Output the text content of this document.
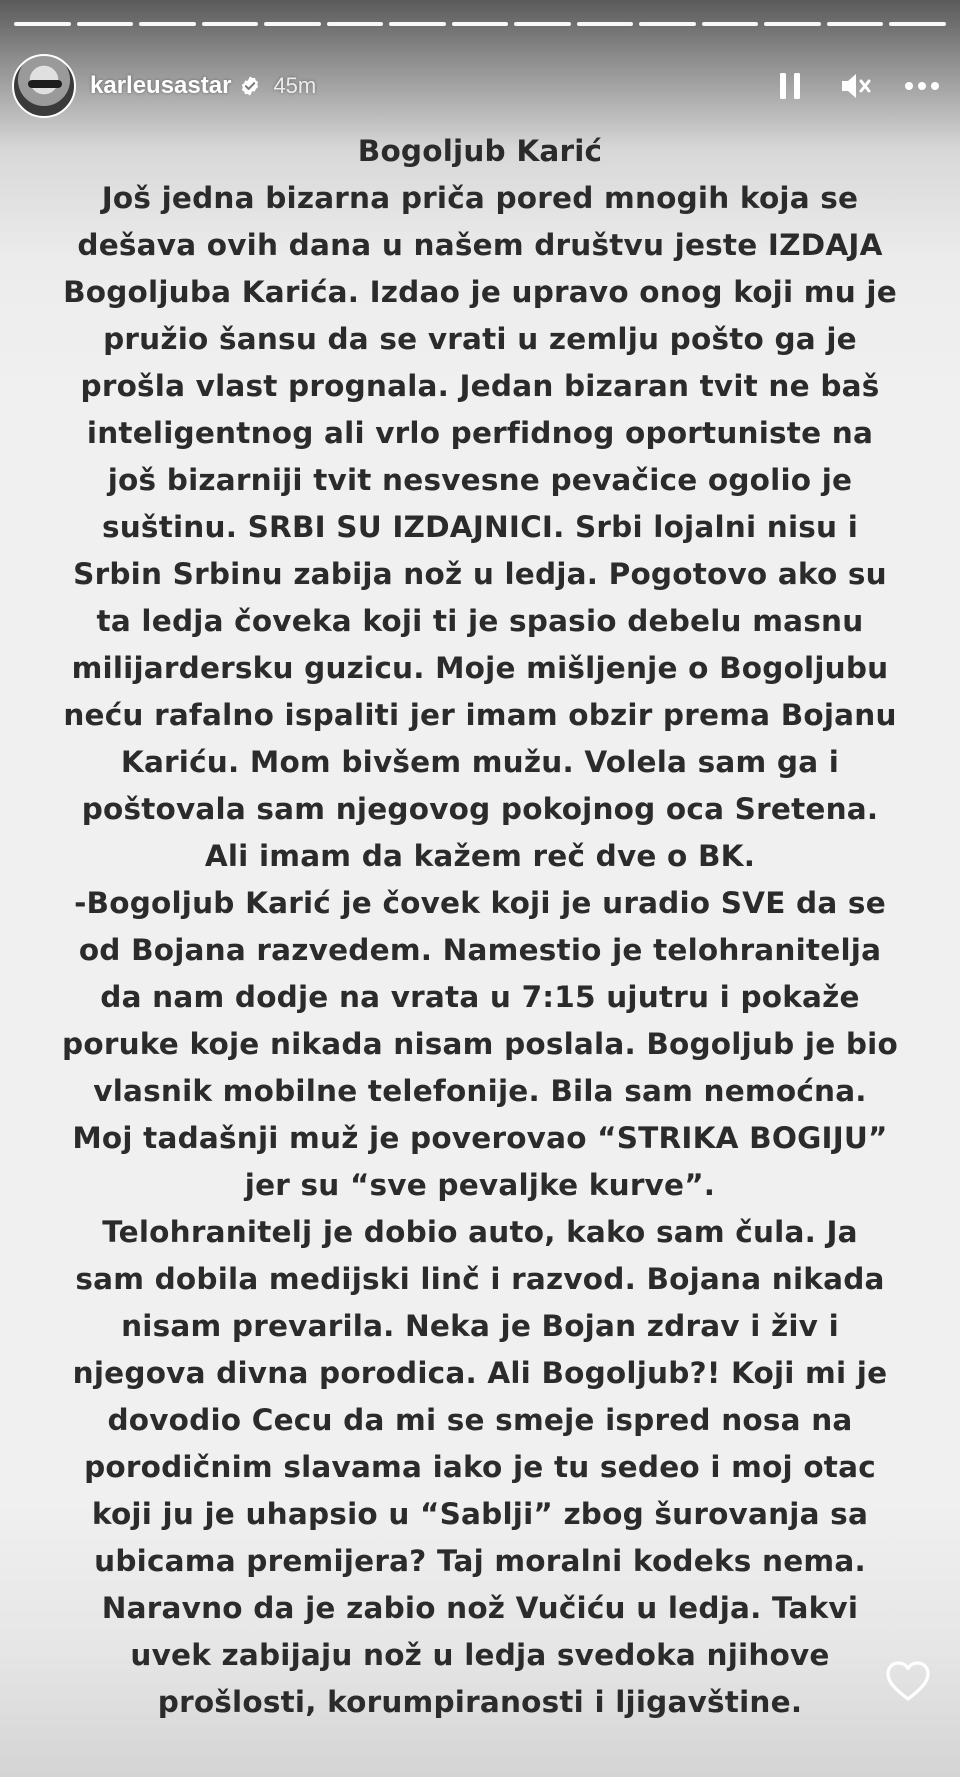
karleusastar 45m
Bogoljub Karić
Još jedna bizarna priča pored mnogih koja se
dešava ovih dana u našem društvu jeste IZDAJA
Bogoljuba Karića. Izdao je upravo onog koji mu je
pružio šansu da se vrati u zemlju pošto ga je
prošla vlast prognala. Jedan bizaran tvit ne baš
inteligentnog ali vrlo perfidnog oportuniste na
još bizarniji tvit nesvesne pevačice ogolio je
suštinu. SRBI SU IZDAJNICI. Srbi lojalni nisu i
Srbin Srbinu zabija nož u ledja. Pogotovo ako su
ta ledja čoveka koji ti je spasio debelu masnu
milijardersku guzicu. Moje mišljenje o Bogoljubu
neću rafalno ispaliti jer imam obzir prema Bojanu
Kariću. Mom bivšem mužu. Volela sam ga i
poštovala sam njegovog pokojnog oca Sretena.
Ali imam da kažem reč dve o BK.
-Bogoljub Karić je čovek koji je uradio SVE da se
od Bojana razvedem. Namestio je telohranitelja
da nam dodje na vrata u 7:15 ujutru i pokaže
poruke koje nikada nisam poslala. Bogoljub je bio
vlasnik mobilne telefonije. Bila sam nemoćna.
Moj tadašnji muž je poverovao “STRIKA BOGIJU”
jer su “sve pevaljke kurve”.
Telohranitelj je dobio auto, kako sam čula. Ja
sam dobila medijski linč i razvod. Bojana nikada
nisam prevarila. Neka je Bojan zdrav i živ i
njegova divna porodica. Ali Bogoljub?! Koji mi je
dovodio Cecu da mi se smeje ispred nosa na
porodičnim slavama iako je tu sedeo i moj otac
koji ju je uhapsio u “Sablji” zbog šurovanja sa
ubicama premijera? Taj moralni kodeks nema.
Naravno da je zabio nož Vučiću u ledja. Takvi
uvek zabijaju nož u ledja svedoka njihove
prošlosti, korumpiranosti i ljigavštine.
